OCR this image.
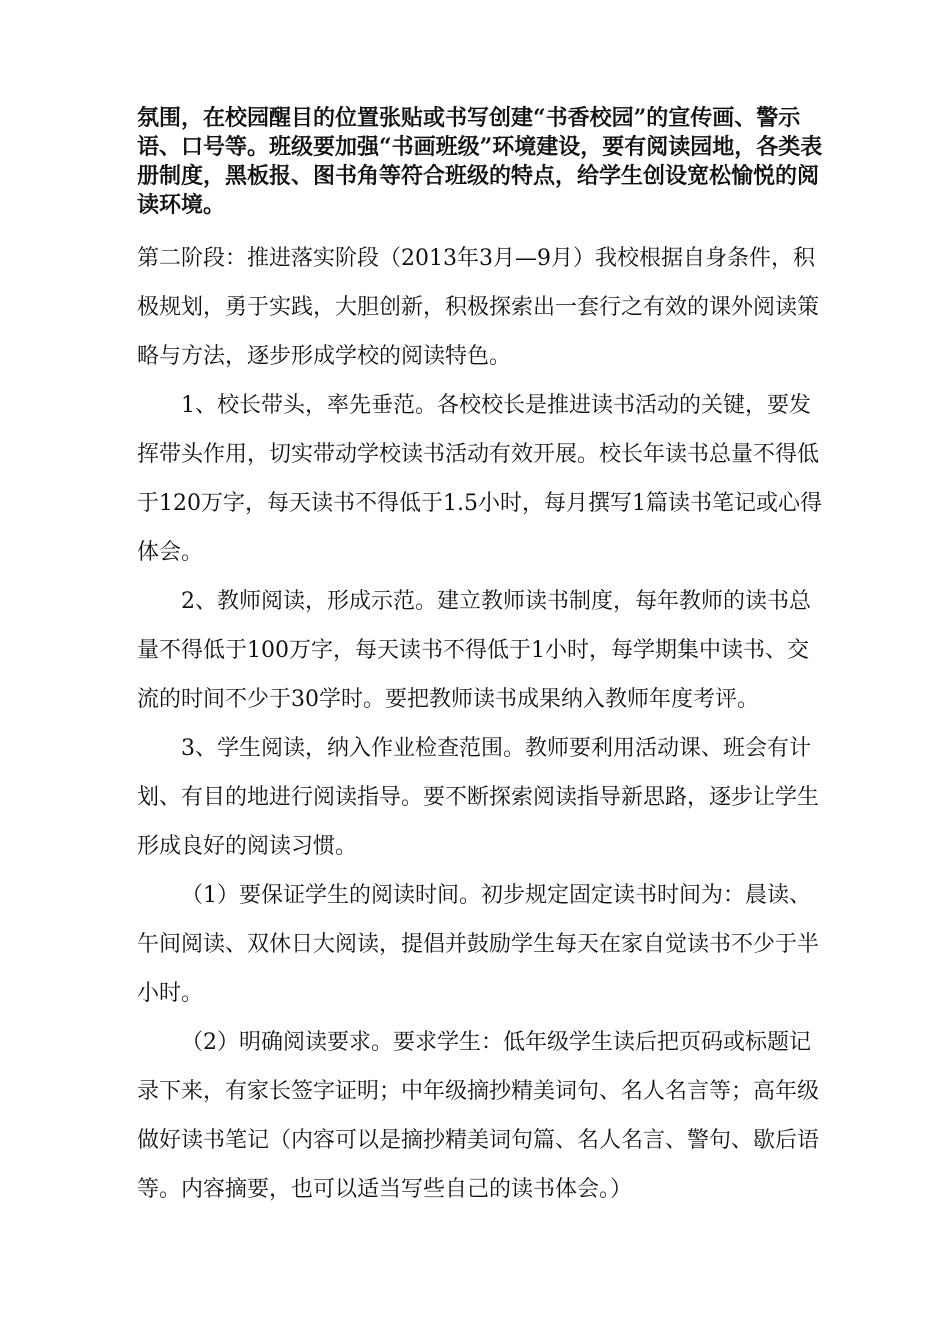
氛围，在校园醒目的位置张贴或书写创建“书香校园”的宣传画、警示语、口号等。班级要加强“书画班级”环境建设，要有阅读园地，各类表册制度，黑板报、图书角等符合班级的特点，给学生创设宽松愉悦的阅读环境。

第二阶段：推进落实阶段（2013年3月—9月）我校根据自身条件，积极规划，勇于实践，大胆创新，积极探索出一套行之有效的课外阅读策略与方法，逐步形成学校的阅读特色。

1、校长带头，率先垂范。各校校长是推进读书活动的关键，要发挥带头作用，切实带动学校读书活动有效开展。校长年读书总量不得低于120万字，每天读书不得低于1.5小时，每月撰写1篇读书笔记或心得体会。

2、教师阅读，形成示范。建立教师读书制度，每年教师的读书总量不得低于100万字，每天读书不得低于1小时，每学期集中读书、交流的时间不少于30学时。要把教师读书成果纳入教师年度考评。

3、学生阅读，纳入作业检查范围。教师要利用活动课、班会有计划、有目的地进行阅读指导。要不断探索阅读指导新思路，逐步让学生形成良好的阅读习惯。

（1）要保证学生的阅读时间。初步规定固定读书时间为：晨读、午间阅读、双休日大阅读，提倡并鼓励学生每天在家自觉读书不少于半小时。

（2）明确阅读要求。要求学生：低年级学生读后把页码或标题记录下来，有家长签字证明；中年级摘抄精美词句、名人名言等；高年级做好读书笔记（内容可以是摘抄精美词句篇、名人名言、警句、歇后语等。内容摘要，也可以适当写些自己的读书体会。）
